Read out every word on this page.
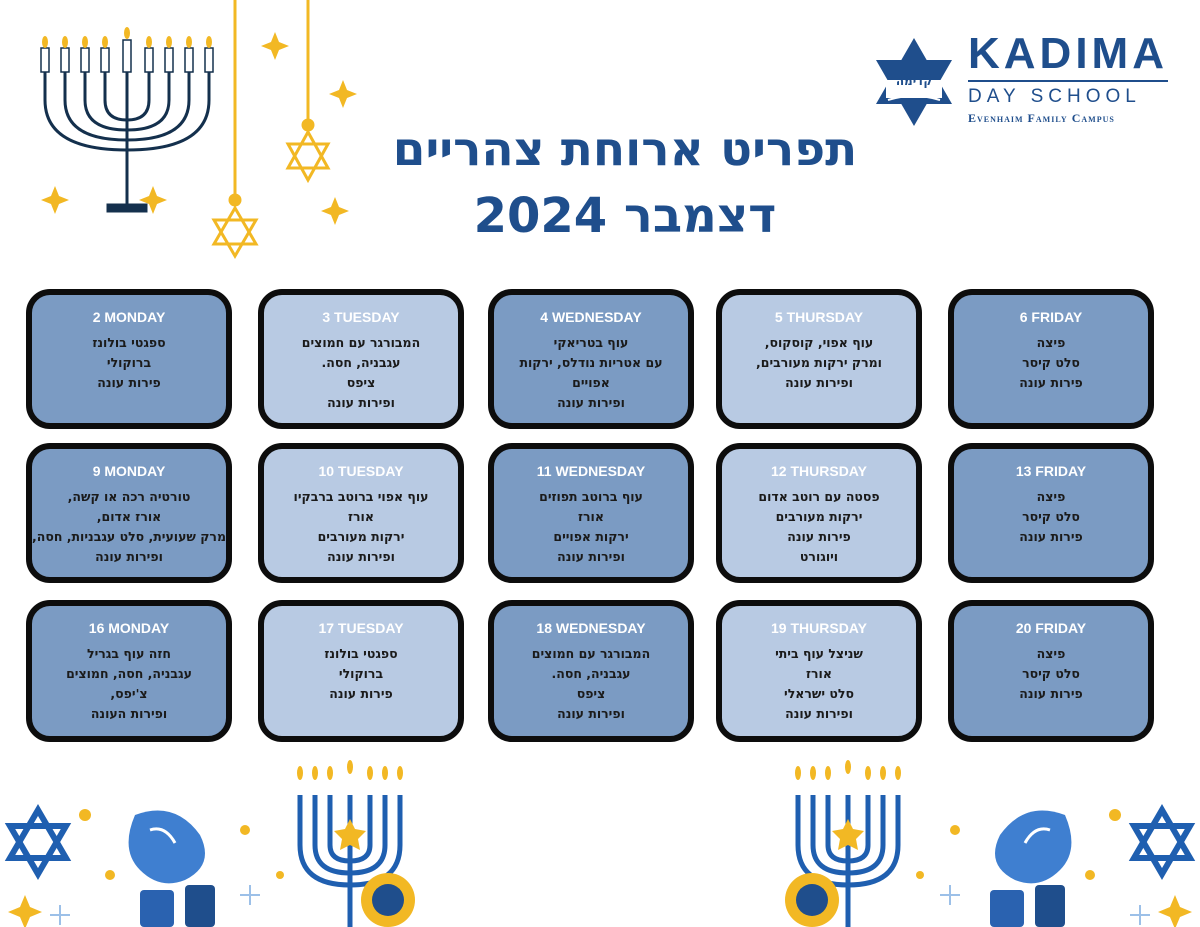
קדימה
KADIMA
DAY SCHOOL
Evenhaim Family Campus
תפריט ארוחת צהריים
דצמבר 2024
2 MONDAY
ספגטי בולונז
ברוקולי
פירות עונה
3 TUESDAY
המבורגר עם חמוצים
עגבניה, חסה.
ציפס
ופירות עונה
4 WEDNESDAY
עוף בטריאקי
עם אטריות נודלס, ירקות
אפויים
ופירות עונה
5 THURSDAY
עוף אפוי, קוסקוס,
ומרק ירקות מעורבים,
ופירות עונה
6 FRIDAY
פיצה
סלט קיסר
פירות עונה
9 MONDAY
טורטיה רכה או קשה,
אורז אדום,
מרק שעועית, סלט עגבניות, חסה,
ופירות עונה
10 TUESDAY
עוף אפוי ברוטב ברבקיו
אורז
ירקות מעורבים
ופירות עונה
11 WEDNESDAY
עוף ברוטב תפוזים
אורז
ירקות אפויים
ופירות עונה
12 THURSDAY
פסטה עם רוטב אדום
ירקות מעורבים
פירות עונה
ויוגורט
13 FRIDAY
פיצה
סלט קיסר
פירות עונה
16 MONDAY
חזה עוף בגריל
עגבניה, חסה, חמוצים
צ'יפס,
ופירות העונה
17 TUESDAY
ספגטי בולונז
ברוקולי
פירות עונה
18 WEDNESDAY
המבורגר עם חמוצים
עגבניה, חסה.
ציפס
ופירות עונה
19 THURSDAY
שניצל עוף ביתי
אורז
סלט ישראלי
ופירות עונה
20 FRIDAY
פיצה
סלט קיסר
פירות עונה
